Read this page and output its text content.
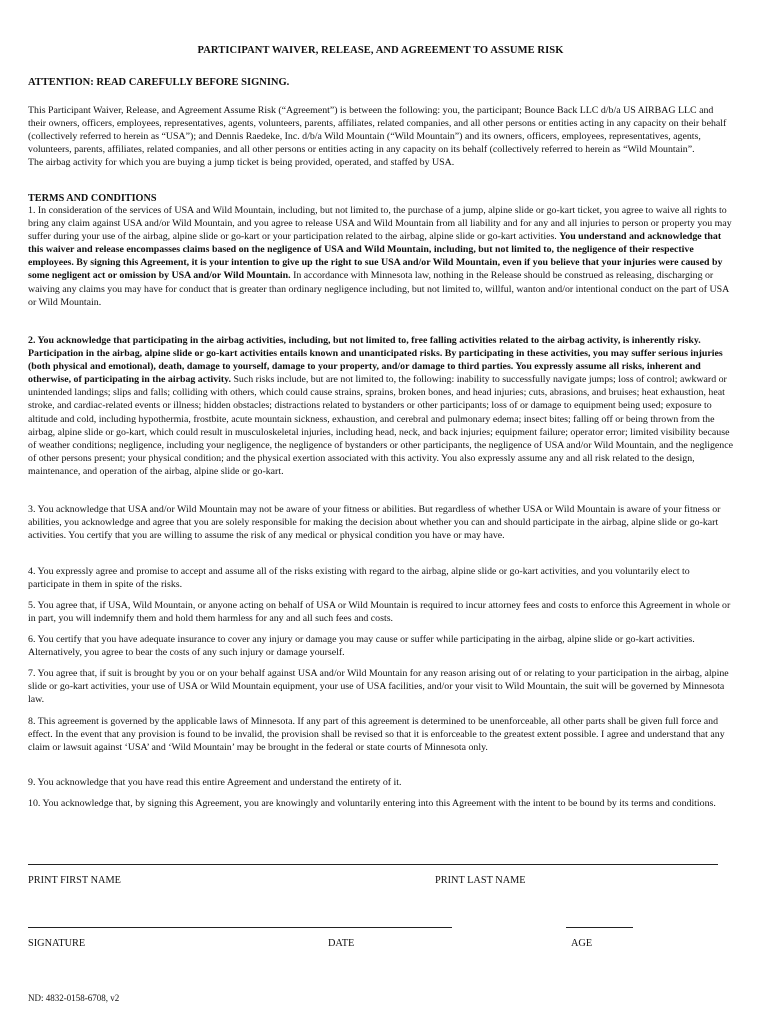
PARTICIPANT WAIVER, RELEASE, AND AGREEMENT TO ASSUME RISK
ATTENTION: READ CAREFULLY BEFORE SIGNING.

This Participant Waiver, Release, and Agreement Assume Risk (“Agreement”) is between the following: you, the participant; Bounce Back LLC d/b/a US AIRBAG LLC and their owners, officers, employees, representatives, agents, volunteers, parents, affiliates, related companies, and all other persons or entities acting in any capacity on their behalf (collectively referred to herein as “USA”); and Dennis Raedeke, Inc. d/b/a Wild Mountain (“Wild Mountain”) and its owners, officers, employees, representatives, agents, volunteers, parents, affiliates, related companies, and all other persons or entities acting in any capacity on its behalf (collectively referred to herein as “Wild Mountain”.

The airbag activity for which you are buying a jump ticket is being provided, operated, and staffed by USA.

TERMS AND CONDITIONS

1. In consideration of the services of USA and Wild Mountain, including, but not limited to, the purchase of a jump, alpine slide or go-kart ticket, you agree to waive all rights to bring any claim against USA and/or Wild Mountain, and you agree to release USA and Wild Mountain from all liability and for any and all injuries to person or property you may suffer during your use of the airbag, alpine slide or go-kart or your participation related to the airbag, alpine slide or go-kart activities. You understand and acknowledge that this waiver and release encompasses claims based on the negligence of USA and Wild Mountain, including, but not limited to, the negligence of their respective employees. By signing this Agreement, it is your intention to give up the right to sue USA and/or Wild Mountain, even if you believe that your injuries were caused by some negligent act or omission by USA and/or Wild Mountain. In accordance with Minnesota law, nothing in the Release should be construed as releasing, discharging or waiving any claims you may have for conduct that is greater than ordinary negligence including, but not limited to, willful, wanton and/or intentional conduct on the part of USA or Wild Mountain.

2. You acknowledge that participating in the airbag activities, including, but not limited to, free falling activities related to the airbag activity, is inherently risky. Participation in the airbag, alpine slide or go-kart activities entails known and unanticipated risks. By participating in these activities, you may suffer serious injuries (both physical and emotional), death, damage to yourself, damage to your property, and/or damage to third parties. You expressly assume all risks, inherent and otherwise, of participating in the airbag activity. Such risks include, but are not limited to, the following: inability to successfully navigate jumps; loss of control; awkward or unintended landings; slips and falls; colliding with others, which could cause strains, sprains, broken bones, and head injuries; cuts, abrasions, and bruises; heat exhaustion, heat stroke, and cardiac-related events or illness; hidden obstacles; distractions related to bystanders or other participants; loss of or damage to equipment being used; exposure to altitude and cold, including hypothermia, frostbite, acute mountain sickness, exhaustion, and cerebral and pulmonary edema; insect bites; falling off or being thrown from the airbag, alpine slide or go-kart, which could result in musculoskeletal injuries, including head, neck, and back injuries; equipment failure; operator error; limited visibility because of weather conditions; negligence, including your negligence, the negligence of bystanders or other participants, the negligence of USA and/or Wild Mountain, and the negligence of other persons present; your physical condition; and the physical exertion associated with this activity. You also expressly assume any and all risk related to the design, maintenance, and operation of the airbag, alpine slide or go-kart.

3. You acknowledge that USA and/or Wild Mountain may not be aware of your fitness or abilities. But regardless of whether USA or Wild Mountain is aware of your fitness or abilities, you acknowledge and agree that you are solely responsible for making the decision about whether you can and should participate in the airbag, alpine slide or go-kart activities. You certify that you are willing to assume the risk of any medical or physical condition you have or may have.

4. You expressly agree and promise to accept and assume all of the risks existing with regard to the airbag, alpine slide or go-kart activities, and you voluntarily elect to participate in them in spite of the risks.

5. You agree that, if USA, Wild Mountain, or anyone acting on behalf of USA or Wild Mountain is required to incur attorney fees and costs to enforce this Agreement in whole or in part, you will indemnify them and hold them harmless for any and all such fees and costs.

6. You certify that you have adequate insurance to cover any injury or damage you may cause or suffer while participating in the airbag, alpine slide or go-kart activities. Alternatively, you agree to bear the costs of any such injury or damage yourself.

7. You agree that, if suit is brought by you or on your behalf against USA and/or Wild Mountain for any reason arising out of or relating to your participation in the airbag, alpine slide or go-kart activities, your use of USA or Wild Mountain equipment, your use of USA facilities, and/or your visit to Wild Mountain, the suit will be governed by Minnesota law.

8. This agreement is governed by the applicable laws of Minnesota. If any part of this agreement is determined to be unenforceable, all other parts shall be given full force and effect. In the event that any provision is found to be invalid, the provision shall be revised so that it is enforceable to the greatest extent possible. I agree and understand that any claim or lawsuit against ‘USA’ and ‘Wild Mountain’ may be brought in the federal or state courts of Minnesota only.

9. You acknowledge that you have read this entire Agreement and understand the entirety of it.

10. You acknowledge that, by signing this Agreement, you are knowingly and voluntarily entering into this Agreement with the intent to be bound by its terms and conditions.

PRINT FIRST NAME	PRINT LAST NAME
SIGNATURE	DATE	AGE
ND: 4832-0158-6708, v2
